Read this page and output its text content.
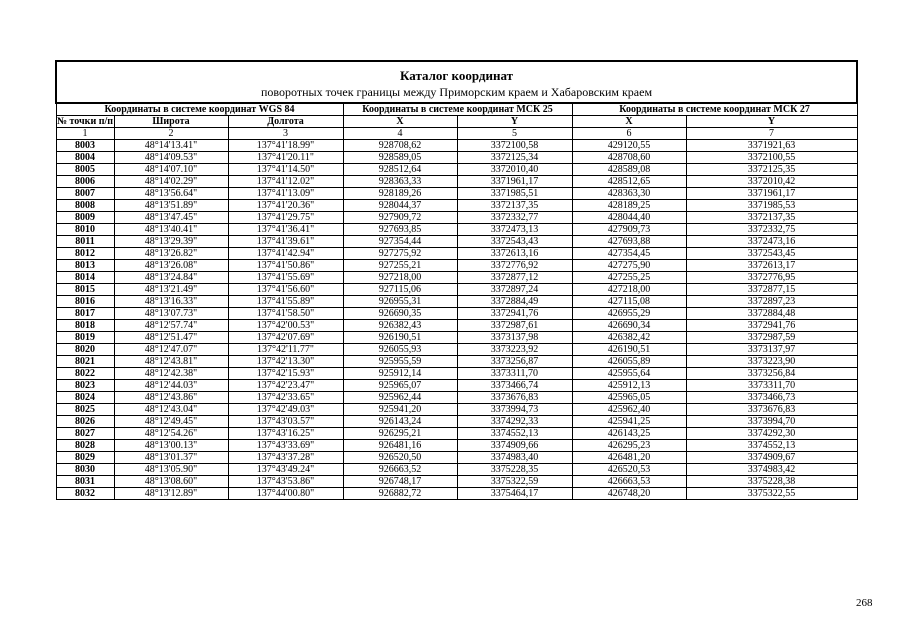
Каталог координат
поворотных точек границы между Приморским краем и Хабаровским краем						

Координаты в системе координат WGS 84			Координаты в системе координат МСК 25		Координаты в системе координат МСК 27	
№ точки п/п	Широта	Долгота	X	Y	X	Y
1	2	3	4	5	6	7
8003	48°14'13.41"	137°41'18.99"	928708,62	3372100,58	429120,55	3371921,63
8004	48°14'09.53"	137°41'20.11"	928589,05	3372125,34	428708,60	3372100,55
8005	48°14'07.10"	137°41'14.50"	928512,64	3372010,40	428589,08	3372125,35
8006	48°14'02.29"	137°41'12.02"	928363,33	3371961,17	428512,65	3372010,42
8007	48°13'56.64"	137°41'13.09"	928189,26	3371985,51	428363,30	3371961,17
8008	48°13'51.89"	137°41'20.36"	928044,37	3372137,35	428189,25	3371985,53
8009	48°13'47.45"	137°41'29.75"	927909,72	3372332,77	428044,40	3372137,35
8010	48°13'40.41"	137°41'36.41"	927693,85	3372473,13	427909,73	3372332,75
8011	48°13'29.39"	137°41'39.61"	927354,44	3372543,43	427693,88	3372473,16
8012	48°13'26.82"	137°41'42.94"	927275,92	3372613,16	427354,45	3372543,45
8013	48°13'26.08"	137°41'50.86"	927255,21	3372776,92	427275,90	3372613,17
8014	48°13'24.84"	137°41'55.69"	927218,00	3372877,12	427255,25	3372776,95
8015	48°13'21.49"	137°41'56.60"	927115,06	3372897,24	427218,00	3372877,15
8016	48°13'16.33"	137°41'55.89"	926955,31	3372884,49	427115,08	3372897,23
8017	48°13'07.73"	137°41'58.50"	926690,35	3372941,76	426955,29	3372884,48
8018	48°12'57.74"	137°42'00.53"	926382,43	3372987,61	426690,34	3372941,76
8019	48°12'51.47"	137°42'07.69"	926190,51	3373137,98	426382,42	3372987,59
8020	48°12'47.07"	137°42'11.77"	926055,93	3373223,92	426190,51	3373137,97
8021	48°12'43.81"	137°42'13.30"	925955,59	3373256,87	426055,89	3373223,90
8022	48°12'42.38"	137°42'15.93"	925912,14	3373311,70	425955,64	3373256,84
8023	48°12'44.03"	137°42'23.47"	925965,07	3373466,74	425912,13	3373311,70
8024	48°12'43.86"	137°42'33.65"	925962,44	3373676,83	425965,05	3373466,73
8025	48°12'43.04"	137°42'49.03"	925941,20	3373994,73	425962,40	3373676,83
8026	48°12'49.45"	137°43'03.57"	926143,24	3374292,33	425941,25	3373994,70
8027	48°12'54.26"	137°43'16.25"	926295,21	3374552,13	426143,25	3374292,30
8028	48°13'00.13"	137°43'33.69"	926481,16	3374909,66	426295,23	3374552,13
8029	48°13'01.37"	137°43'37.28"	926520,50	3374983,40	426481,20	3374909,67
8030	48°13'05.90"	137°43'49.24"	926663,52	3375228,35	426520,53	3374983,42
8031	48°13'08.60"	137°43'53.86"	926748,17	3375322,59	426663,53	3375228,38
8032	48°13'12.89"	137°44'00.80"	926882,72	3375464,17	426748,20	3375322,55
268
